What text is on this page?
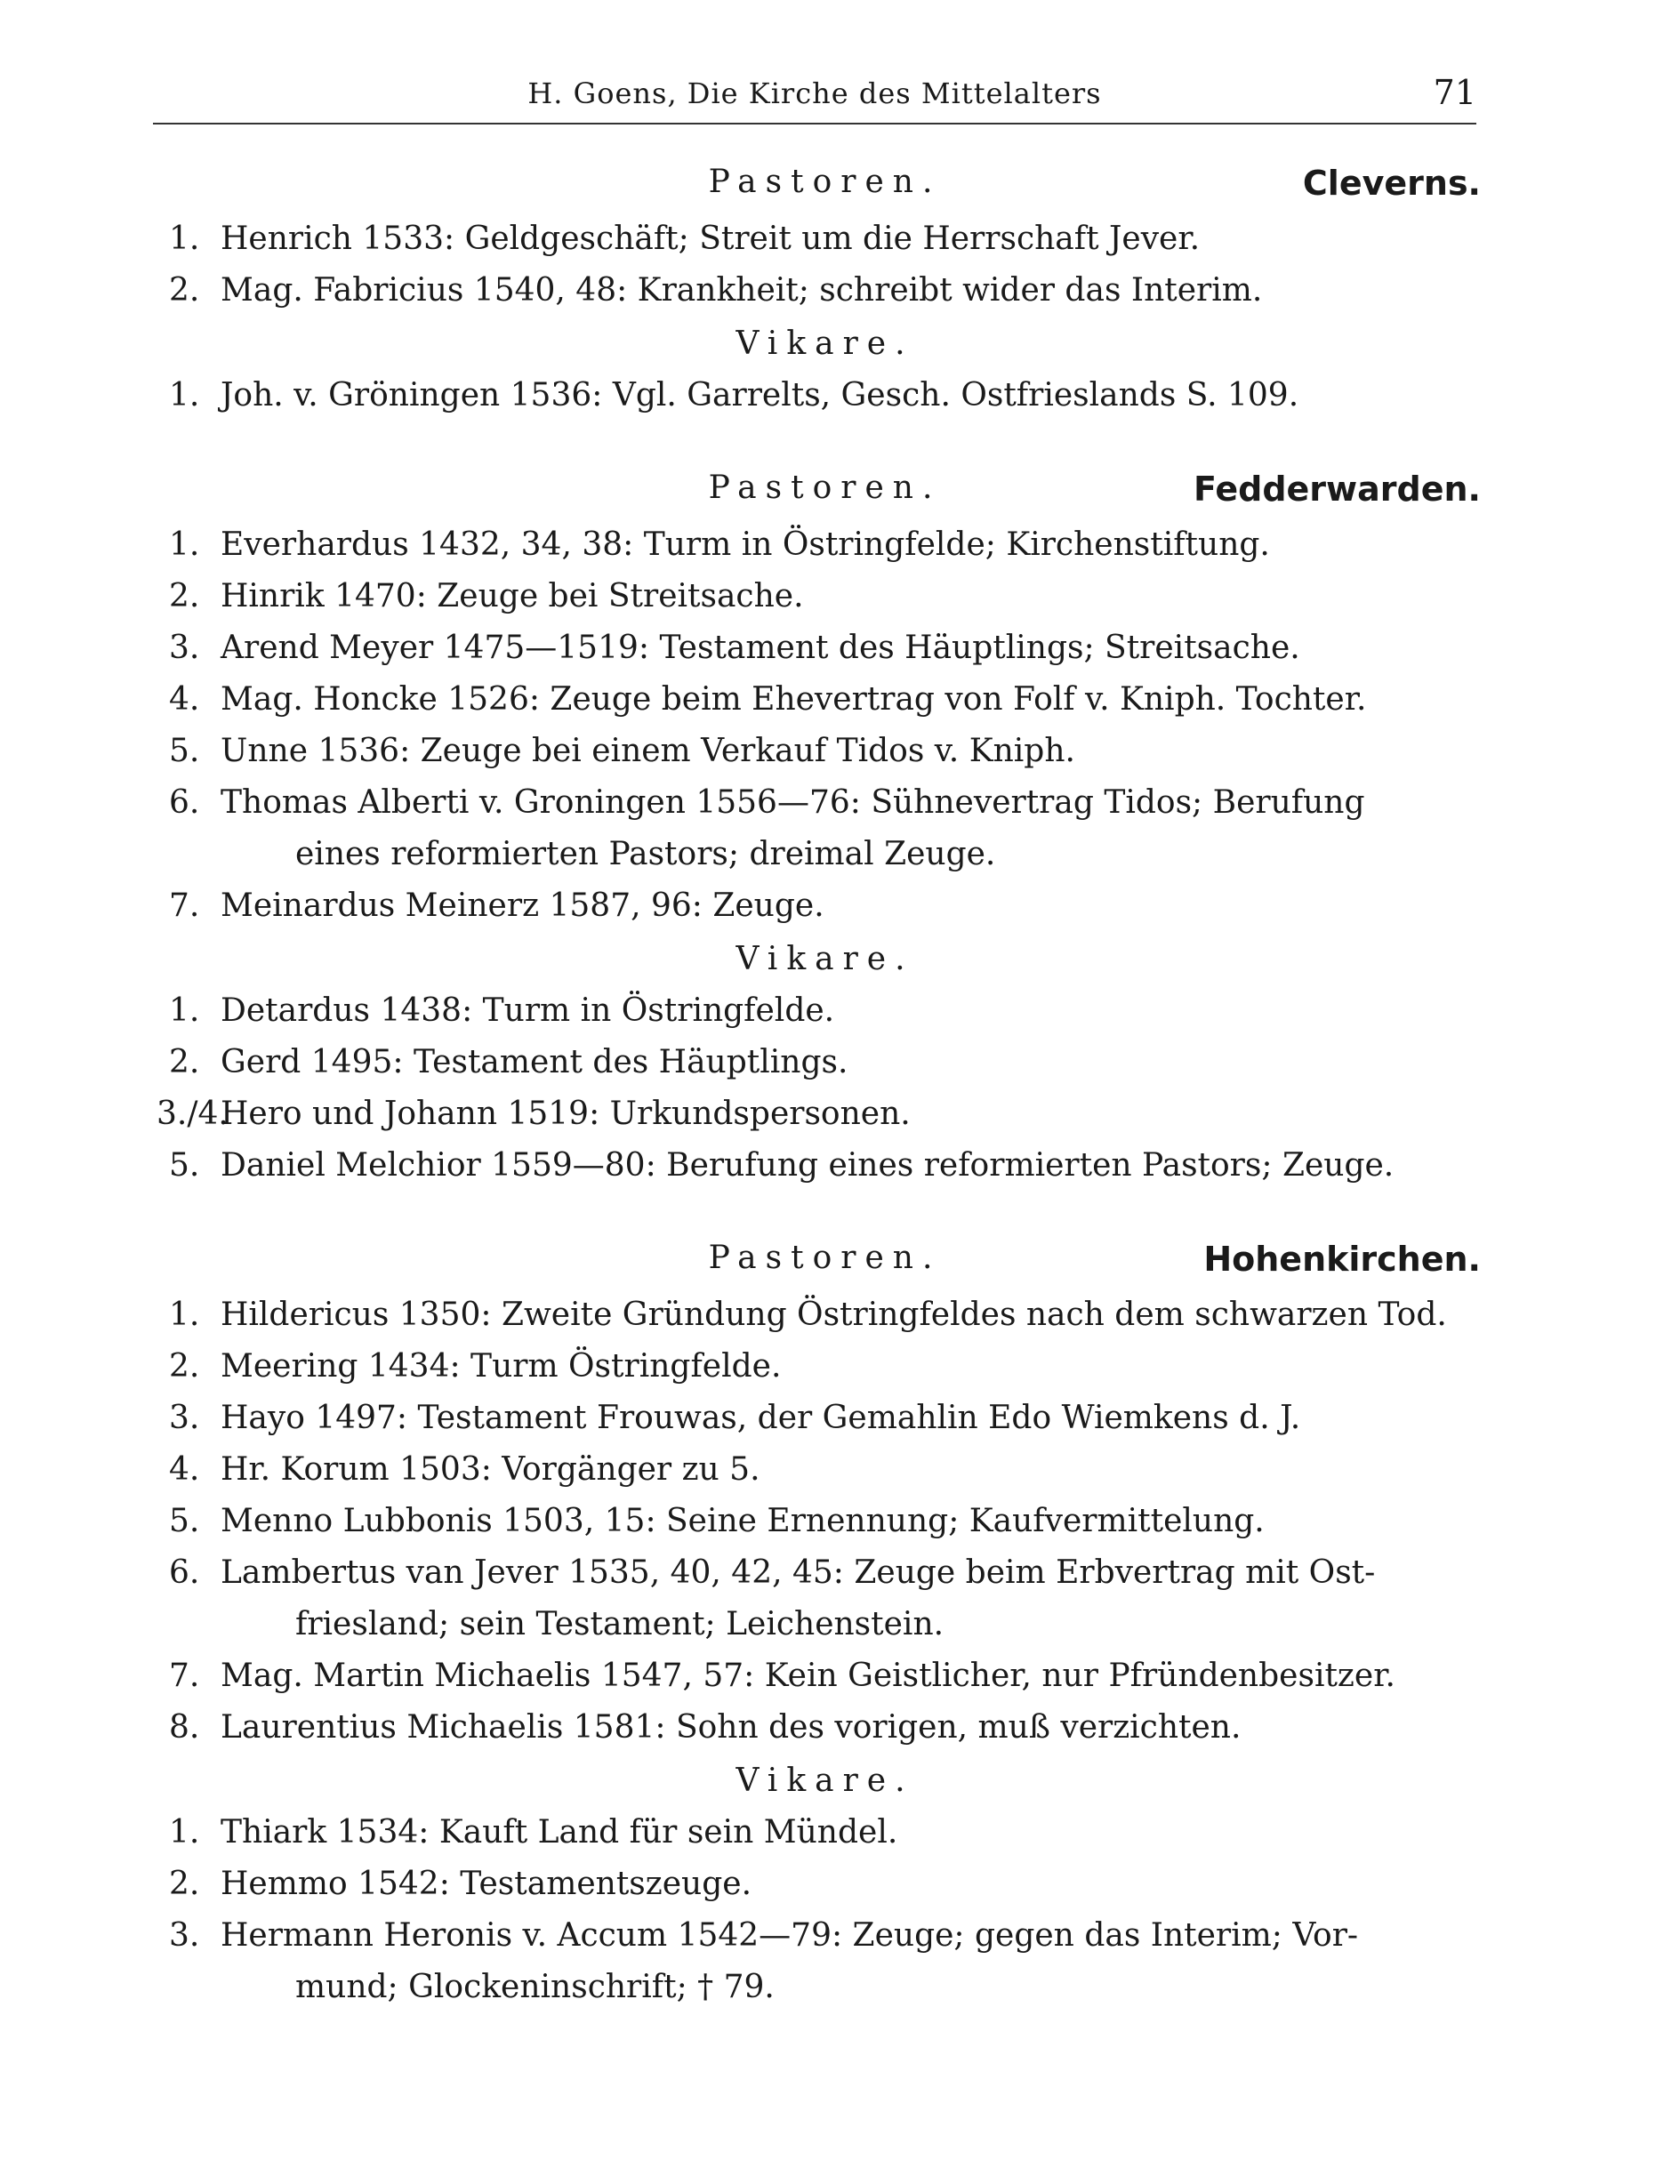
H. Goens, Die Kirche des Mittelalters	71
Pastoren.	Cleverns.
1. Henrich 1533: Geldgeschäft; Streit um die Herrschaft Jever.
2. Mag. Fabricius 1540, 48: Krankheit; schreibt wider das Interim.
Vikare.
1. Joh. v. Gröningen 1536: Vgl. Garrelts, Gesch. Ostfrieslands S. 109.
Pastoren.	Fedderwarden.
1. Everhardus 1432, 34, 38: Turm in Östringfelde; Kirchenstiftung.
2. Hinrik 1470: Zeuge bei Streitsache.
3. Arend Meyer 1475—1519: Testament des Häuptlings; Streitsache.
4. Mag. Honcke 1526: Zeuge beim Ehevertrag von Folf v. Kniph. Tochter.
5. Unne 1536: Zeuge bei einem Verkauf Tidos v. Kniph.
6. Thomas Alberti v. Groningen 1556—76: Sühnevertrag Tidos; Berufung
eines reformierten Pastors; dreimal Zeuge.
7. Meinardus Meinerz 1587, 96: Zeuge.
Vikare.
1. Detardus 1438: Turm in Östringfelde.
2. Gerd 1495: Testament des Häuptlings.
3./4.
Hero und Johann 1519: Urkundspersonen.
5. Daniel Melchior 1559—80: Berufung eines reformierten Pastors; Zeuge.
Pastoren.	Hohenkirchen.
1. Hildericus 1350: Zweite Gründung Östringfeldes nach dem schwarzen Tod.
2. Meering 1434: Turm Östringfelde.
3. Hayo 1497: Testament Frouwas, der Gemahlin Edo Wiemkens d. J.
4. Hr. Korum 1503: Vorgänger zu 5.
5. Menno Lubbonis 1503, 15: Seine Ernennung; Kaufvermittelung.
6. Lambertus van Jever 1535, 40, 42, 45: Zeuge beim Erbvertrag mit Ost-
friesland; sein Testament; Leichenstein.
7. Mag. Martin Michaelis 1547, 57: Kein Geistlicher, nur Pfründenbesitzer.
8. Laurentius Michaelis 1581: Sohn des vorigen, muß verzichten.
Vikare.
1. Thiark 1534: Kauft Land für sein Mündel.
2. Hemmo 1542: Testamentszeuge.
3. Hermann Heronis v. Accum 1542—79: Zeuge; gegen das Interim; Vor-
mund; Glockeninschrift; † 79.
